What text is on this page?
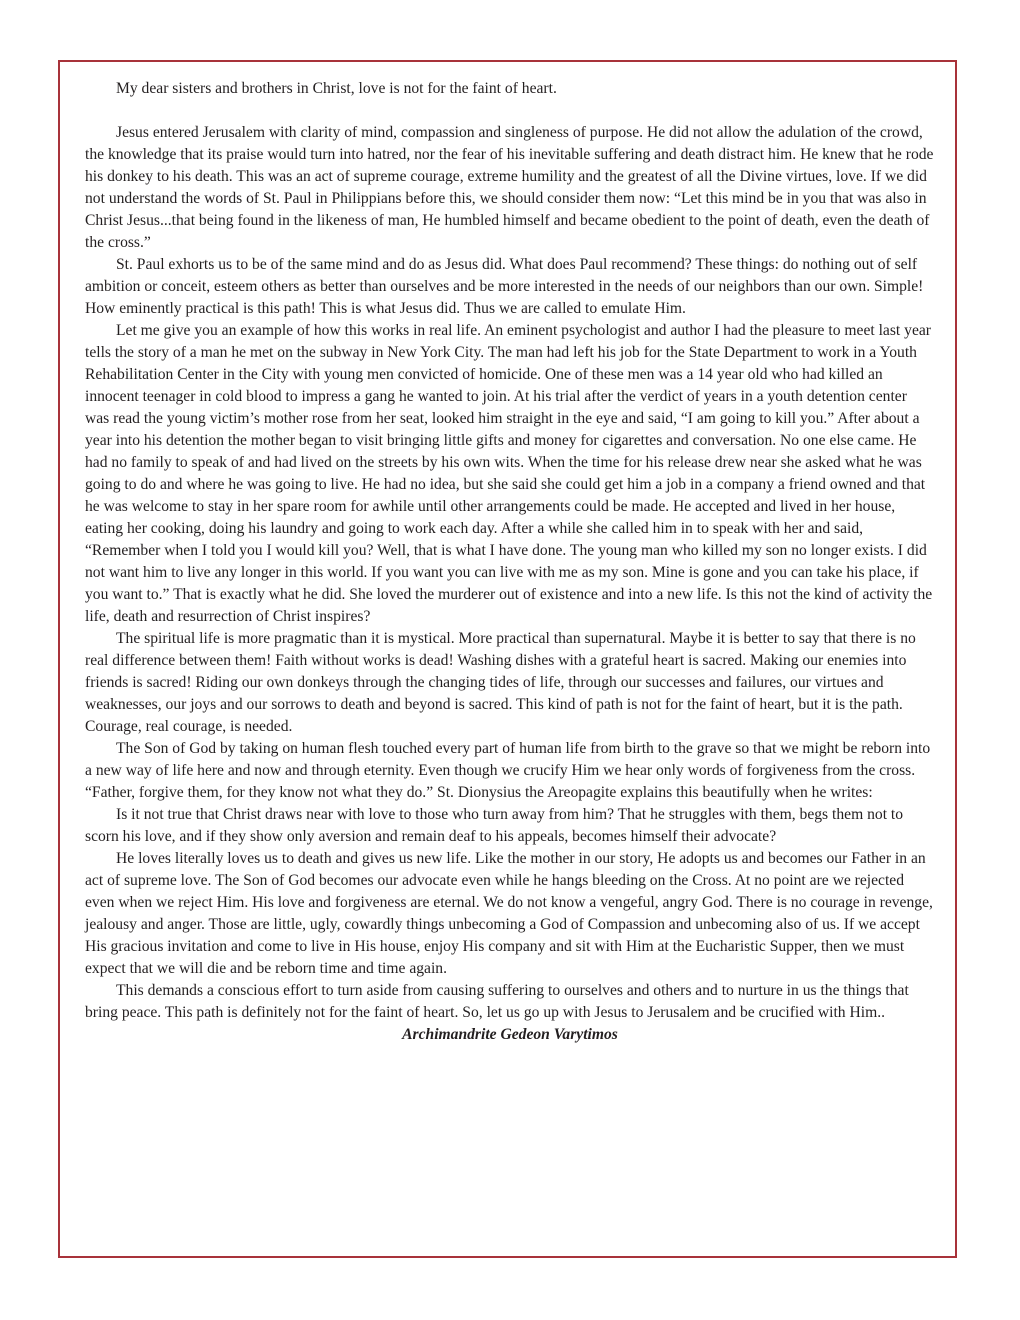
My dear sisters and brothers in Christ, love is not for the faint of heart.

Jesus entered Jerusalem with clarity of mind, compassion and singleness of purpose. He did not allow the adulation of the crowd, the knowledge that its praise would turn into hatred, nor the fear of his inevitable suffering and death distract him. He knew that he rode his donkey to his death. This was an act of supreme courage, extreme humility and the greatest of all the Divine virtues, love. If we did not understand the words of St. Paul in Philippians before this, we should consider them now: “Let this mind be in you that was also in Christ Jesus...that being found in the likeness of man, He humbled himself and became obedient to the point of death, even the death of the cross.”

St. Paul exhorts us to be of the same mind and do as Jesus did. What does Paul recommend? These things: do nothing out of self ambition or conceit, esteem others as better than ourselves and be more interested in the needs of our neighbors than our own. Simple! How eminently practical is this path! This is what Jesus did. Thus we are called to emulate Him.

Let me give you an example of how this works in real life. An eminent psychologist and author I had the pleasure to meet last year tells the story of a man he met on the subway in New York City. The man had left his job for the State Department to work in a Youth Rehabilitation Center in the City with young men convicted of homicide. One of these men was a 14 year old who had killed an innocent teenager in cold blood to impress a gang he wanted to join. At his trial after the verdict of years in a youth detention center was read the young victim’s mother rose from her seat, looked him straight in the eye and said, “I am going to kill you.” After about a year into his detention the mother began to visit bringing little gifts and money for cigarettes and conversation. No one else came. He had no family to speak of and had lived on the streets by his own wits. When the time for his release drew near she asked what he was going to do and where he was going to live. He had no idea, but she said she could get him a job in a company a friend owned and that he was welcome to stay in her spare room for awhile until other arrangements could be made. He accepted and lived in her house, eating her cooking, doing his laundry and going to work each day. After a while she called him in to speak with her and said, “Remember when I told you I would kill you? Well, that is what I have done. The young man who killed my son no longer exists. I did not want him to live any longer in this world. If you want you can live with me as my son. Mine is gone and you can take his place, if you want to.” That is exactly what he did. She loved the murderer out of existence and into a new life. Is this not the kind of activity the life, death and resurrection of Christ inspires?

The spiritual life is more pragmatic than it is mystical. More practical than supernatural. Maybe it is better to say that there is no real difference between them! Faith without works is dead! Washing dishes with a grateful heart is sacred. Making our enemies into friends is sacred! Riding our own donkeys through the changing tides of life, through our successes and failures, our virtues and weaknesses, our joys and our sorrows to death and beyond is sacred. This kind of path is not for the faint of heart, but it is the path. Courage, real courage, is needed.

The Son of God by taking on human flesh touched every part of human life from birth to the grave so that we might be reborn into a new way of life here and now and through eternity. Even though we crucify Him we hear only words of forgiveness from the cross. “Father, forgive them, for they know not what they do.” St. Dionysius the Areopagite explains this beautifully when he writes:

Is it not true that Christ draws near with love to those who turn away from him? That he struggles with them, begs them not to scorn his love, and if they show only aversion and remain deaf to his appeals, becomes himself their advocate?

He loves literally loves us to death and gives us new life. Like the mother in our story, He adopts us and becomes our Father in an act of supreme love. The Son of God becomes our advocate even while he hangs bleeding on the Cross. At no point are we rejected even when we reject Him. His love and forgiveness are eternal. We do not know a vengeful, angry God. There is no courage in revenge, jealousy and anger. Those are little, ugly, cowardly things unbecoming a God of Compassion and unbecoming also of us. If we accept His gracious invitation and come to live in His house, enjoy His company and sit with Him at the Eucharistic Supper, then we must expect that we will die and be reborn time and time again.

This demands a conscious effort to turn aside from causing suffering to ourselves and others and to nurture in us the things that bring peace. This path is definitely not for the faint of heart. So, let us go up with Jesus to Jerusalem and be crucified with Him..

Archimandrite Gedeon Varytimos
